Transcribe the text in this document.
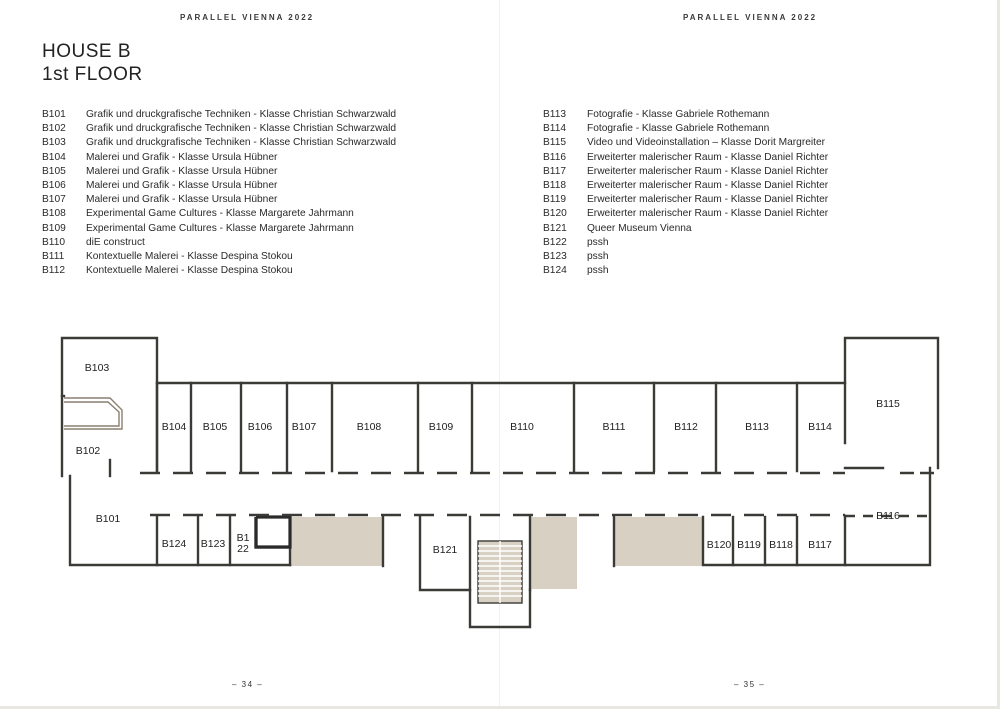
PARALLEL VIENNA 2022	PARALLEL VIENNA 2022
HOUSE B
1st FLOOR
B101	Grafik und druckgrafische Techniken - Klasse Christian Schwarzwald
B102	Grafik und druckgrafische Techniken - Klasse Christian Schwarzwald
B103	Grafik und druckgrafische Techniken - Klasse Christian Schwarzwald
B104	Malerei und Grafik - Klasse Ursula Hübner
B105	Malerei und Grafik - Klasse Ursula Hübner
B106	Malerei und Grafik - Klasse Ursula Hübner
B107	Malerei und Grafik - Klasse Ursula Hübner
B108	Experimental Game Cultures - Klasse Margarete Jahrmann
B109	Experimental Game Cultures - Klasse Margarete Jahrmann
B110	diE construct
B111	Kontextuelle Malerei - Klasse Despina Stokou
B112	Kontextuelle Malerei - Klasse Despina Stokou
B113	Fotografie - Klasse Gabriele Rothemann
B114	Fotografie - Klasse Gabriele Rothemann
B115	Video und Videoinstallation – Klasse Dorit Margreiter
B116	Erweiterter malerischer Raum - Klasse Daniel Richter
B117	Erweiterter malerischer Raum - Klasse Daniel Richter
B118	Erweiterter malerischer Raum - Klasse Daniel Richter
B119	Erweiterter malerischer Raum - Klasse Daniel Richter
B120	Erweiterter malerischer Raum - Klasse Daniel Richter
B121	Queer Museum Vienna
B122	pssh
B123	pssh
B124	pssh
B103
B102
B101
B104 B105 B106 B107	B108	B109	B110	B111	B112	B113	B114
B115
B116
B124 B123 B1
22	B121	B120 B119 B118 B117
– 34 –	– 35 –
